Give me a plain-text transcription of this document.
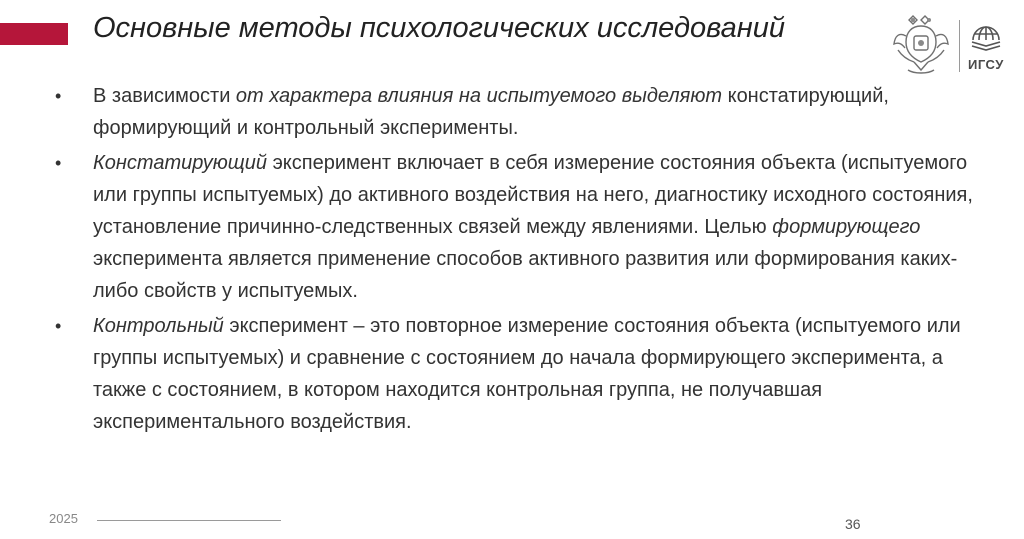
Основные методы психологических исследований
ИГСУ
• В зависимости от характера влияния на испытуемого выделяют констатирующий, формирующий и контрольный эксперименты.
• Констатирующий эксперимент включает в себя измерение состояния объекта (испытуемого или группы испытуемых) до активного воздействия на него, диагностику исходного состояния, установление причинно-следственных связей между явлениями. Целью формирующего эксперимента является применение способов активного развития или формирования каких-либо свойств у испытуемых.
• Контрольный эксперимент – это повторное измерение состояния объекта (испытуемого или группы испытуемых) и сравнение с состоянием до начала формирующего эксперимента, а также с состоянием, в котором находится контрольная группа, не получавшая экспериментального воздействия.
2025	36
